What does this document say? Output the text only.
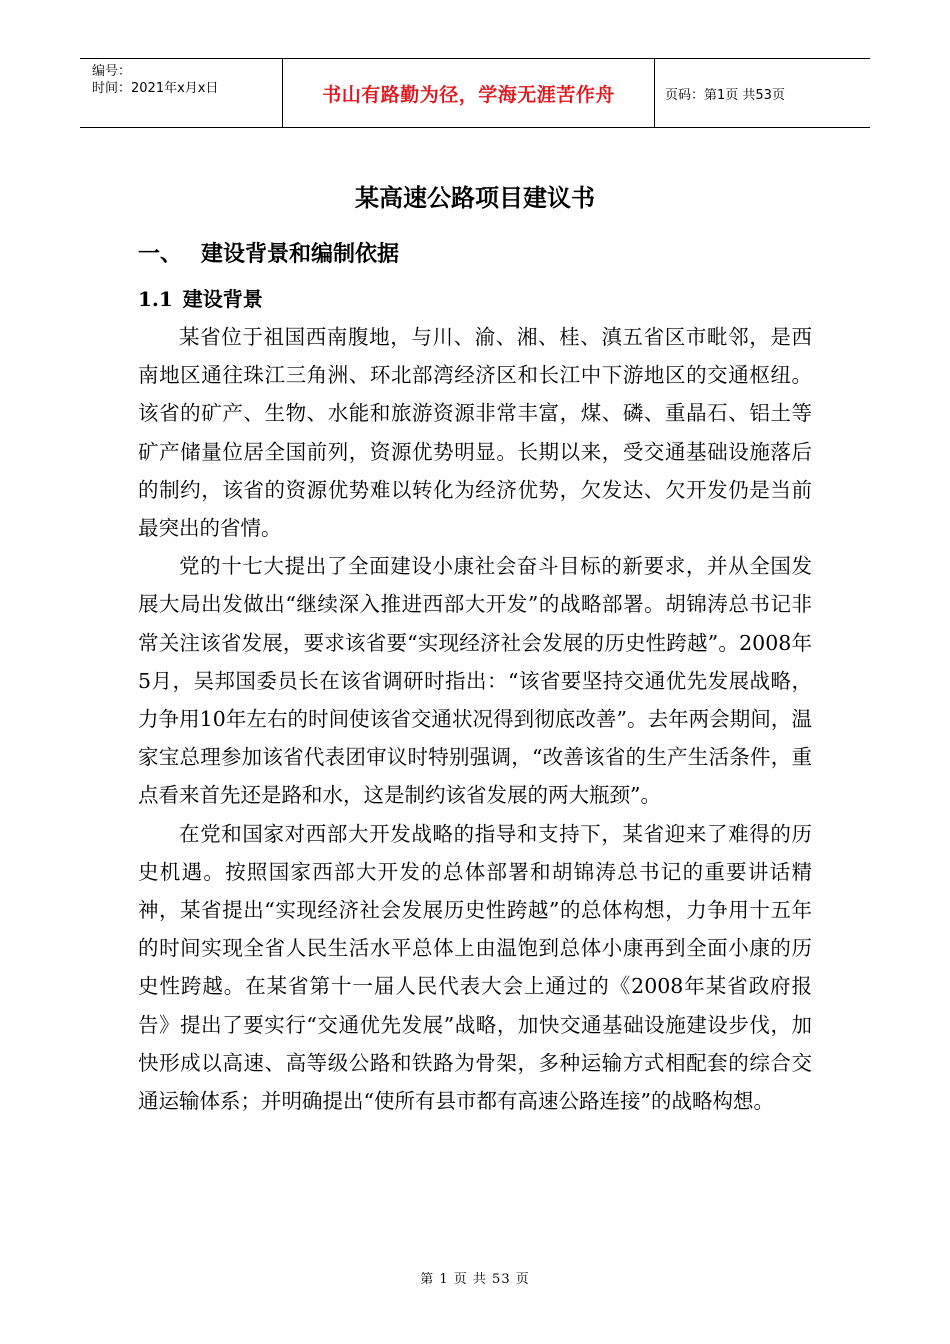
编号：
时间：2021年x月x日	书山有路勤为径，学海无涯苦作舟	页码：第1页 共53页
某高速公路项目建议书
一、 建设背景和编制依据
1.1 建设背景

某省位于祖国西南腹地，与川、渝、湘、桂、滇五省区市毗邻，是西南地区通往珠江三角洲、环北部湾经济区和长江中下游地区的交通枢纽。该省的矿产、生物、水能和旅游资源非常丰富，煤、磷、重晶石、铝土等矿产储量位居全国前列，资源优势明显。长期以来，受交通基础设施落后的制约，该省的资源优势难以转化为经济优势，欠发达、欠开发仍是当前最突出的省情。

党的十七大提出了全面建设小康社会奋斗目标的新要求，并从全国发展大局出发做出“继续深入推进西部大开发”的战略部署。胡锦涛总书记非常关注该省发展，要求该省要“实现经济社会发展的历史性跨越”。2008年5月，吴邦国委员长在该省调研时指出：“该省要坚持交通优先发展战略，力争用10年左右的时间使该省交通状况得到彻底改善”。去年两会期间，温家宝总理参加该省代表团审议时特别强调，“改善该省的生产生活条件，重点看来首先还是路和水，这是制约该省发展的两大瓶颈”。

在党和国家对西部大开发战略的指导和支持下，某省迎来了难得的历史机遇。按照国家西部大开发的总体部署和胡锦涛总书记的重要讲话精神，某省提出“实现经济社会发展历史性跨越”的总体构想，力争用十五年的时间实现全省人民生活水平总体上由温饱到总体小康再到全面小康的历史性跨越。在某省第十一届人民代表大会上通过的《2008年某省政府报告》提出了要实行“交通优先发展”战略，加快交通基础设施建设步伐，加快形成以高速、高等级公路和铁路为骨架，多种运输方式相配套的综合交通运输体系；并明确提出“使所有县市都有高速公路连接”的战略构想。

第 1 页 共 53 页
